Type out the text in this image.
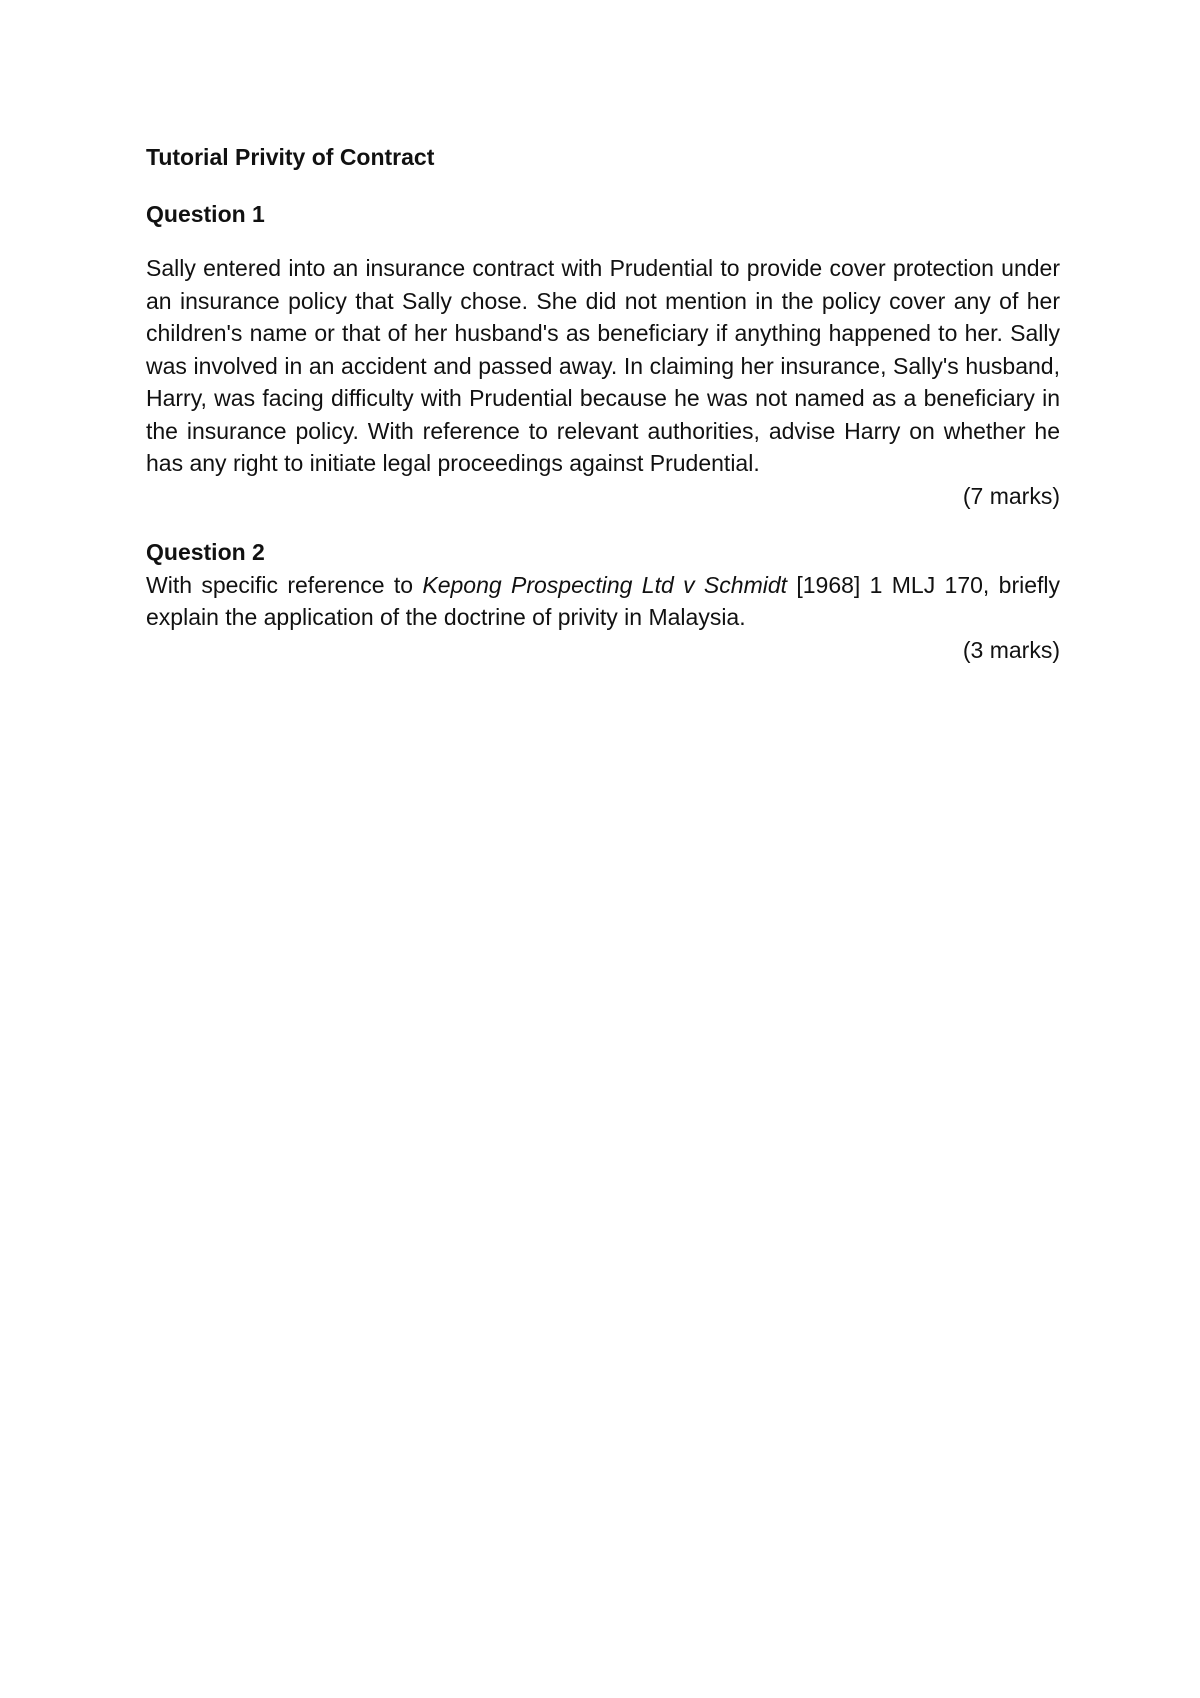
Tutorial Privity of Contract

Question 1

Sally entered into an insurance contract with Prudential to provide cover protection under an insurance policy that Sally chose. She did not mention in the policy cover any of her children's name or that of her husband's as beneficiary if anything happened to her. Sally was involved in an accident and passed away. In claiming her insurance, Sally's husband, Harry, was facing difficulty with Prudential because he was not named as a beneficiary in the insurance policy. With reference to relevant authorities, advise Harry on whether he has any right to initiate legal proceedings against Prudential.

(7 marks)

Question 2

With specific reference to Kepong Prospecting Ltd v Schmidt [1968] 1 MLJ 170, briefly explain the application of the doctrine of privity in Malaysia.

(3 marks)
